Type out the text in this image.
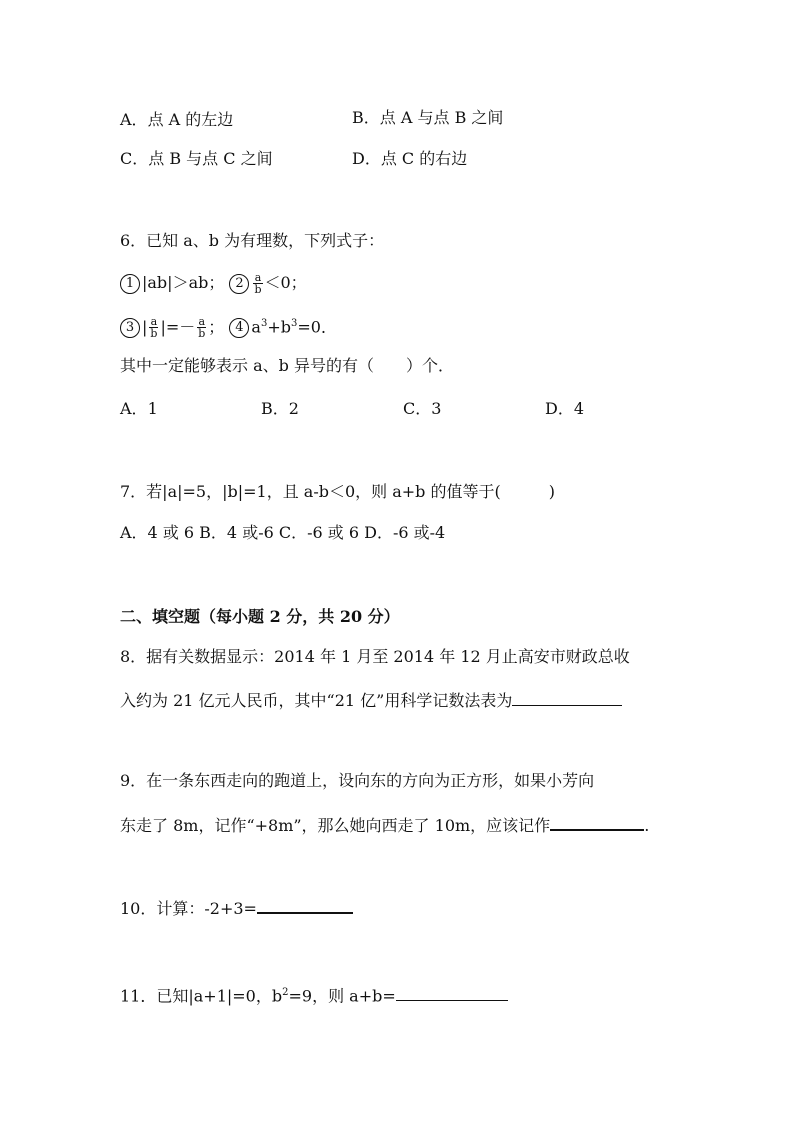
A．点 A 的左边	B．点 A 与点 B 之间
C．点 B 与点 C 之间	D．点 C 的右边
6．已知 a、b 为有理数，下列式子：
1 |ab|＞ab； $2 \frac{a}{b} <0$；
3 | $\frac{a}{b}$ |=－ $\frac{a}{b}$ ； 4 $a^3+b^3=0$．
其中一定能够表示 a、b 异号的有（　　）个．
A．1	B．2	C．3	D．4
7．若|a|=5，|b|=1，且 a-b＜0，则 a+b 的值等于(　　　)
A．4 或 6 B．4 或-6 C．-6 或 6 D．-6 或-4
二、填空题（每小题 2 分，共 20 分）
8．据有关数据显示：2014 年 1 月至 2014 年 12 月止高安市财政总收
入约为 21 亿元人民币，其中“21 亿”用科学记数法表为
9．在一条东西走向的跑道上，设向东的方向为正方形，如果小芳向
东走了 8m，记作“+8m”，那么她向西走了 10m，应该记作	.
10．计算：-2+3=
11．已知|a+1|=0，$b^2=9$，则 a+b=
